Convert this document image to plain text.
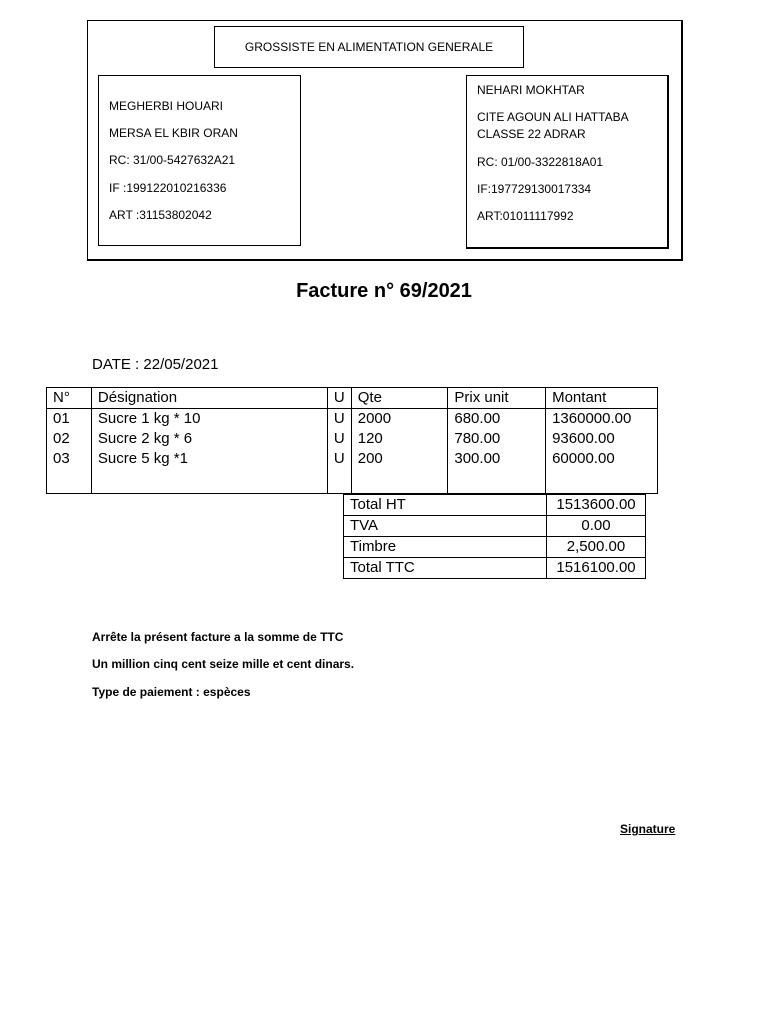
GROSSISTE EN ALIMENTATION GENERALE
MEGHERBI HOUARI
MERSA EL KBIR ORAN
RC: 31/00-5427632A21
IF :199122010216336
ART :31153802042
NEHARI MOKHTAR
CITE AGOUN ALI HATTABA
CLASSE 22 ADRAR
RC: 01/00-3322818A01
IF:197729130017334
ART:01011117992
Facture n° 69/2021
DATE : 22/05/2021
N°	Désignation	U	Qte	Prix unit	Montant
01	Sucre 1 kg * 10	U	2000	680.00	1360000.00
02	Sucre 2 kg * 6	U	120	780.00	93600.00
03	Sucre 5 kg *1	U	200	300.00	60000.00

Total HT	1513600.00
TVA	0.00
Timbre	2,500.00
Total TTC	1516100.00
Arrête la présent facture a la somme de TTC
Un million cinq cent seize mille et cent dinars.
Type de paiement : espèces
Signature
